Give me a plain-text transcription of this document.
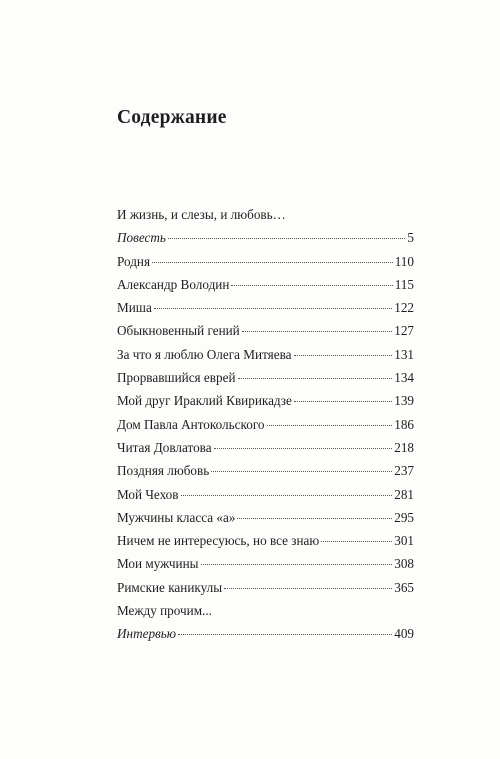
Содержание
И жизнь, и слезы, и любовь…
Повесть	5
Родня	110
Александр Володин	115
Миша	122
Обыкновенный гений	127
За что я люблю Олега Митяева	131
Прорвавшийся еврей	134
Мой друг Ираклий Квирикадзе	139
Дом Павла Антокольского	186
Читая Довлатова	218
Поздняя любовь	237
Мой Чехов	281
Мужчины класса «а»	295
Ничем не интересуюсь, но все знаю	301
Мои мужчины	308
Римские каникулы	365
Между прочим...
Интервью	409
